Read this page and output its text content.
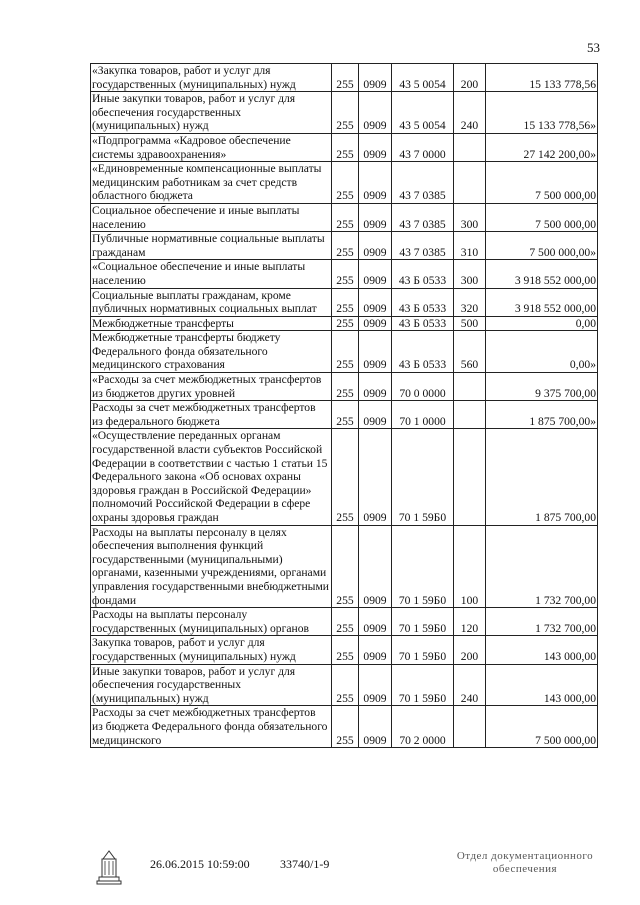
53
«Закупка товаров, работ и услуг для государственных (муниципальных) нужд	255	0909	43 5 0054	200	15 133 778,56
Иные закупки товаров, работ и услуг для обеспечения государственных (муниципальных) нужд	255	0909	43 5 0054	240	15 133 778,56»
«Подпрограмма «Кадровое обеспечение системы здравоохранения»	255	0909	43 7 0000		27 142 200,00»
«Единовременные компенсационные выплаты медицинским работникам за счет средств областного бюджета	255	0909	43 7 0385		7 500 000,00
Социальное обеспечение и иные выплаты населению	255	0909	43 7 0385	300	7 500 000,00
Публичные нормативные социальные выплаты гражданам	255	0909	43 7 0385	310	7 500 000,00»
«Социальное обеспечение и иные выплаты населению	255	0909	43 Б 0533	300	3 918 552 000,00
Социальные выплаты гражданам, кроме публичных нормативных социальных выплат	255	0909	43 Б 0533	320	3 918 552 000,00
Межбюджетные трансферты	255	0909	43 Б 0533	500	0,00
Межбюджетные трансферты бюджету Федерального фонда обязательного медицинского страхования	255	0909	43 Б 0533	560	0,00»
«Расходы за счет межбюджетных трансфертов из бюджетов других уровней	255	0909	70 0 0000		9 375 700,00
Расходы за счет межбюджетных трансфертов из федерального бюджета	255	0909	70 1 0000		1 875 700,00»
«Осуществление переданных органам государственной власти субъектов Российской Федерации в соответствии с частью 1 статьи 15 Федерального закона «Об основах охраны здоровья граждан в Российской Федерации» полномочий Российской Федерации в сфере охраны здоровья граждан	255	0909	70 1 59Б0		1 875 700,00
Расходы на выплаты персоналу в целях обеспечения выполнения функций государственными (муниципальными) органами, казенными учреждениями, органами управления государственными внебюджетными фондами	255	0909	70 1 59Б0	100	1 732 700,00
Расходы на выплаты персоналу государственных (муниципальных) органов	255	0909	70 1 59Б0	120	1 732 700,00
Закупка товаров, работ и услуг для государственных (муниципальных) нужд	255	0909	70 1 59Б0	200	143 000,00
Иные закупки товаров, работ и услуг для обеспечения государственных (муниципальных) нужд	255	0909	70 1 59Б0	240	143 000,00
Расходы за счет межбюджетных трансфертов из бюджета Федерального фонда обязательного медицинского	255	0909	70 2 0000		7 500 000,00
26.06.2015 10:59:00	33740/1-9
Отдел документационного
обеспечения
